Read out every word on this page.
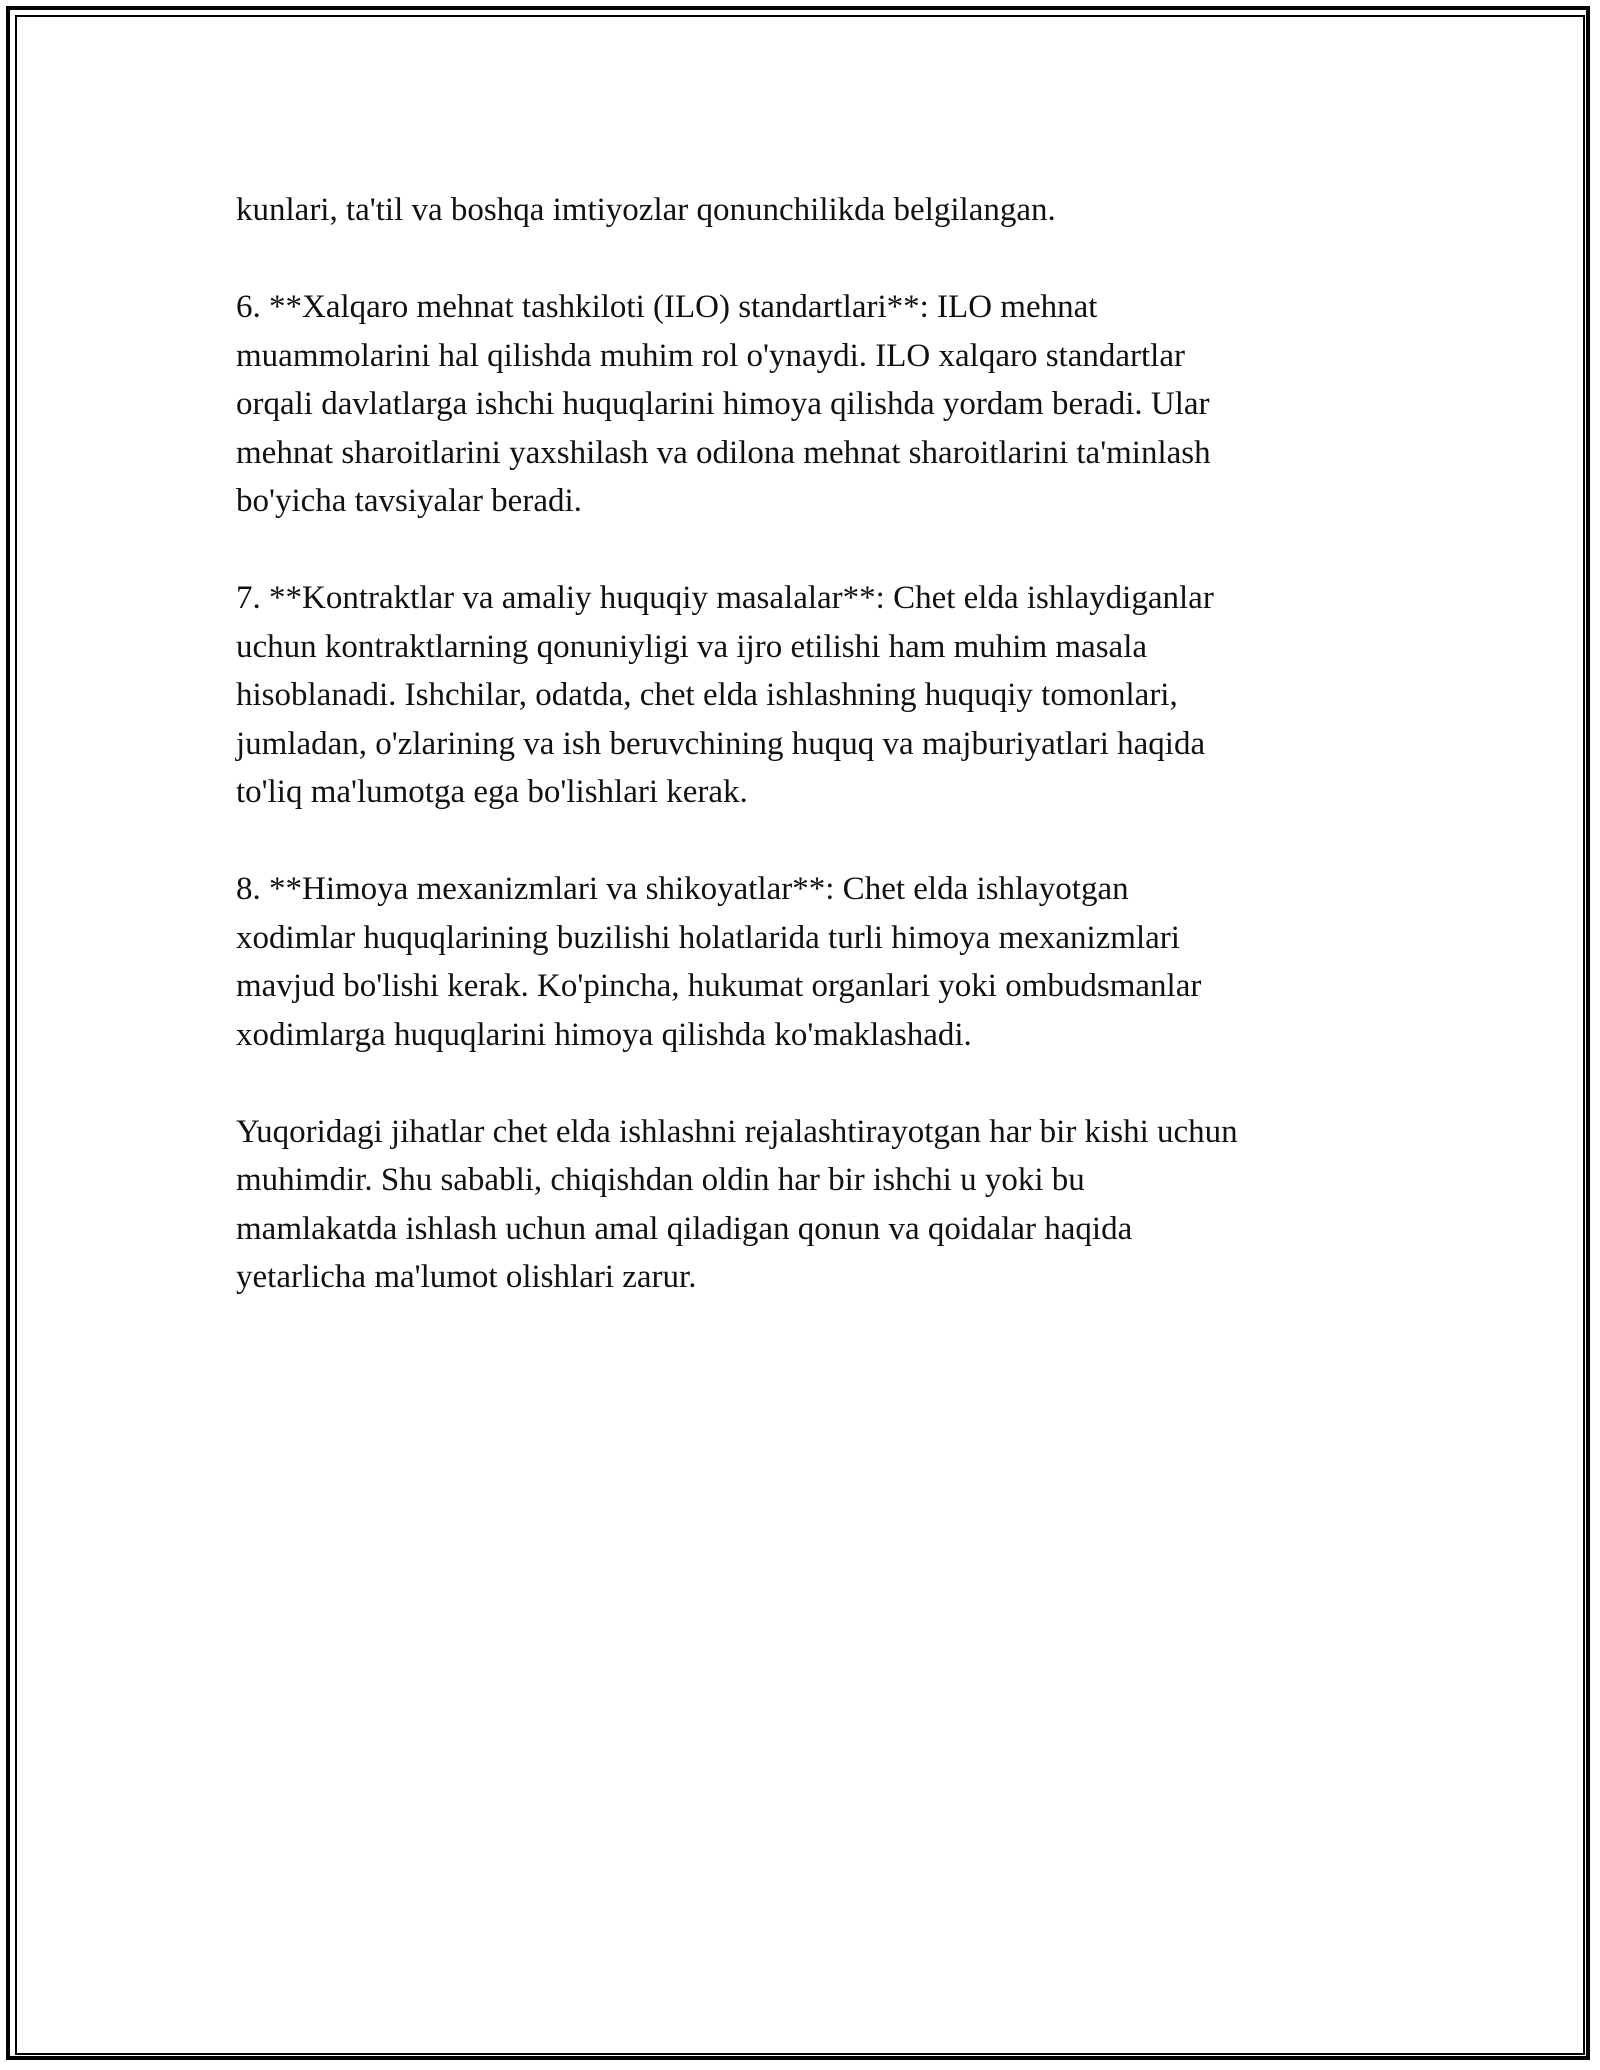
kunlari, ta'til va boshqa imtiyozlar qonunchilikda belgilangan.

6. **Xalqaro mehnat tashkiloti (ILO) standartlari**: ILO mehnat
muammolarini hal qilishda muhim rol o'ynaydi. ILO xalqaro standartlar
orqali davlatlarga ishchi huquqlarini himoya qilishda yordam beradi. Ular
mehnat sharoitlarini yaxshilash va odilona mehnat sharoitlarini ta'minlash
bo'yicha tavsiyalar beradi.

7. **Kontraktlar va amaliy huquqiy masalalar**: Chet elda ishlaydiganlar
uchun kontraktlarning qonuniyligi va ijro etilishi ham muhim masala
hisoblanadi. Ishchilar, odatda, chet elda ishlashning huquqiy tomonlari,
jumladan, o'zlarining va ish beruvchining huquq va majburiyatlari haqida
to'liq ma'lumotga ega bo'lishlari kerak.

8. **Himoya mexanizmlari va shikoyatlar**: Chet elda ishlayotgan
xodimlar huquqlarining buzilishi holatlarida turli himoya mexanizmlari
mavjud bo'lishi kerak. Ko'pincha, hukumat organlari yoki ombudsmanlar
xodimlarga huquqlarini himoya qilishda ko'maklashadi.

Yuqoridagi jihatlar chet elda ishlashni rejalashtirayotgan har bir kishi uchun
muhimdir. Shu sababli, chiqishdan oldin har bir ishchi u yoki bu
mamlakatda ishlash uchun amal qiladigan qonun va qoidalar haqida
yetarlicha ma'lumot olishlari zarur.
